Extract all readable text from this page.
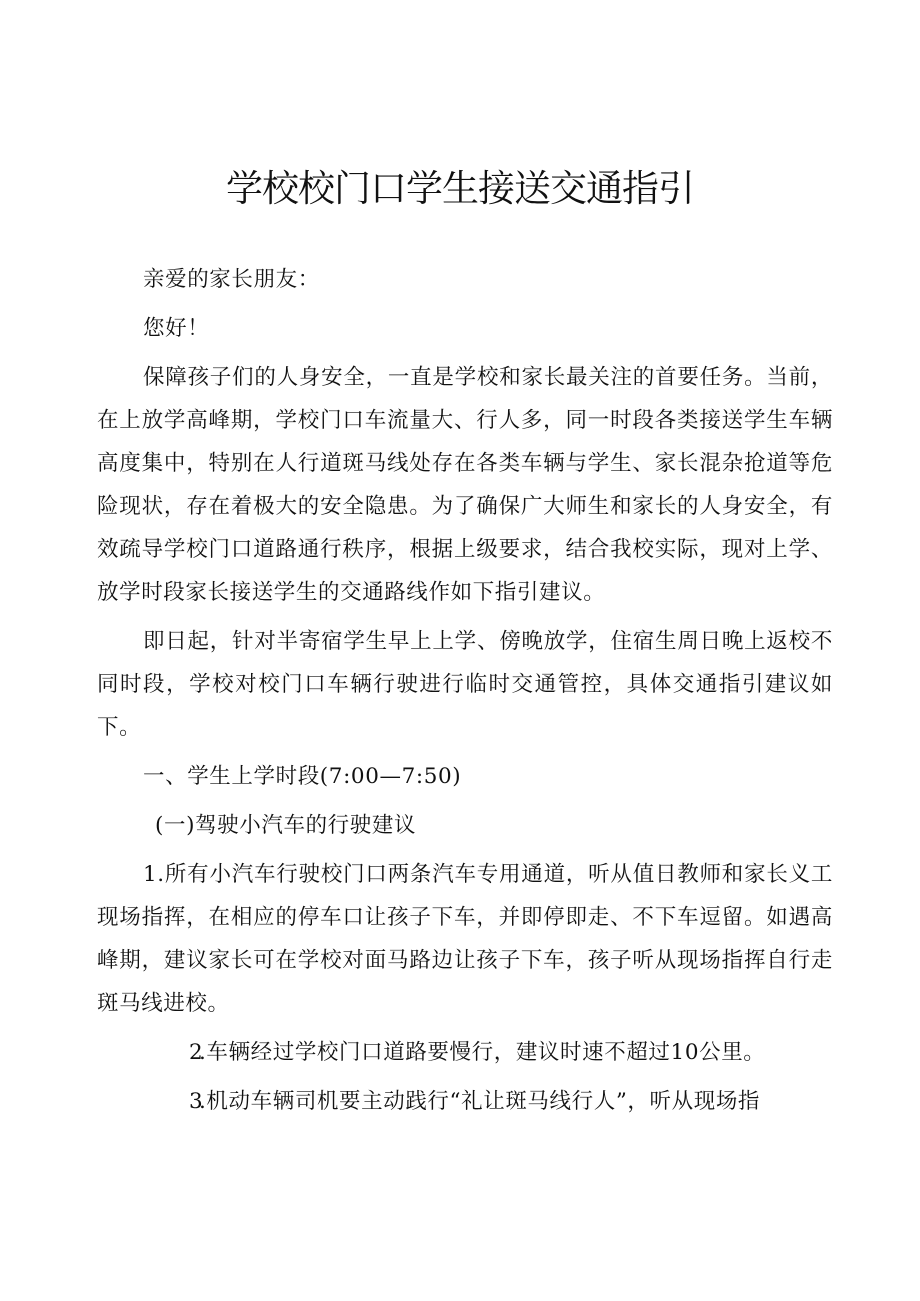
学校校门口学生接送交通指引

亲爱的家长朋友：

您好！

保障孩子们的人身安全，一直是学校和家长最关注的首要任务。当前，在上放学高峰期，学校门口车流量大、行人多，同一时段各类接送学生车辆高度集中，特别在人行道斑马线处存在各类车辆与学生、家长混杂抢道等危险现状，存在着极大的安全隐患。为了确保广大师生和家长的人身安全，有效疏导学校门口道路通行秩序，根据上级要求，结合我校实际，现对上学、放学时段家长接送学生的交通路线作如下指引建议。

即日起，针对半寄宿学生早上上学、傍晚放学，住宿生周日晚上返校不同时段，学校对校门口车辆行驶进行临时交通管控，具体交通指引建议如下。

一、学生上学时段(7:00—7:50)

(一)驾驶小汽车的行驶建议

1.所有小汽车行驶校门口两条汽车专用通道，听从值日教师和家长义工现场指挥，在相应的停车口让孩子下车，并即停即走、不下车逗留。如遇高峰期，建议家长可在学校对面马路边让孩子下车，孩子听从现场指挥自行走斑马线进校。

2.车辆经过学校门口道路要慢行，建议时速不超过10公里。

3.机动车辆司机要主动践行“礼让斑马线行人”，听从现场指
